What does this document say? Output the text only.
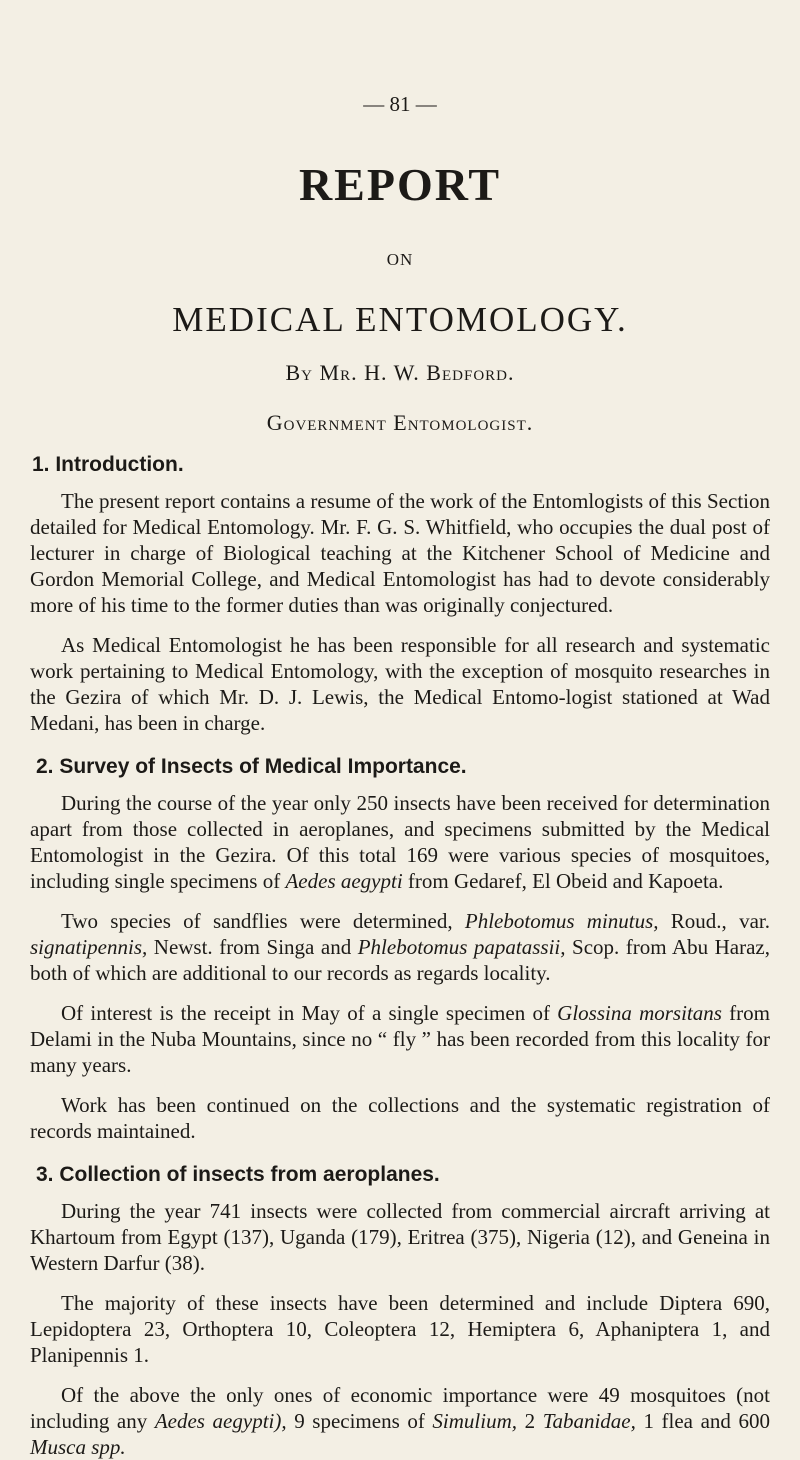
— 81 —
REPORT
ON
MEDICAL ENTOMOLOGY.
By Mr. H. W. Bedford.
Government Entomologist.
1. Introduction.

The present report contains a resume of the work of the Entomlogists of this Section detailed for Medical Entomology. Mr. F. G. S. Whitfield, who occupies the dual post of lecturer in charge of Biological teaching at the Kitchener School of Medicine and Gordon Memorial College, and Medical Entomologist has had to devote considerably more of his time to the former duties than was originally conjectured.

As Medical Entomologist he has been responsible for all research and systematic work pertaining to Medical Entomology, with the exception of mosquito researches in the Gezira of which Mr. D. J. Lewis, the Medical Entomo-logist stationed at Wad Medani, has been in charge.

2. Survey of Insects of Medical Importance.

During the course of the year only 250 insects have been received for determination apart from those collected in aeroplanes, and specimens submitted by the Medical Entomologist in the Gezira. Of this total 169 were various species of mosquitoes, including single specimens of Aedes aegypti from Gedaref, El Obeid and Kapoeta.

Two species of sandflies were determined, Phlebotomus minutus, Roud., var. signatipennis, Newst. from Singa and Phlebotomus papatassii, Scop. from Abu Haraz, both of which are additional to our records as regards locality.

Of interest is the receipt in May of a single specimen of Glossina morsitans from Delami in the Nuba Mountains, since no “ fly ” has been recorded from this locality for many years.

Work has been continued on the collections and the systematic registration of records maintained.

3. Collection of insects from aeroplanes.

During the year 741 insects were collected from commercial aircraft arriving at Khartoum from Egypt (137), Uganda (179), Eritrea (375), Nigeria (12), and Geneina in Western Darfur (38).

The majority of these insects have been determined and include Diptera 690, Lepidoptera 23, Orthoptera 10, Coleoptera 12, Hemiptera 6, Aphaniptera 1, and Planipennis 1.

Of the above the only ones of economic importance were 49 mosquitoes (not including any Aedes aegypti), 9 specimens of Simulium, 2 Tabanidae, 1 flea and 600 Musca spp.
